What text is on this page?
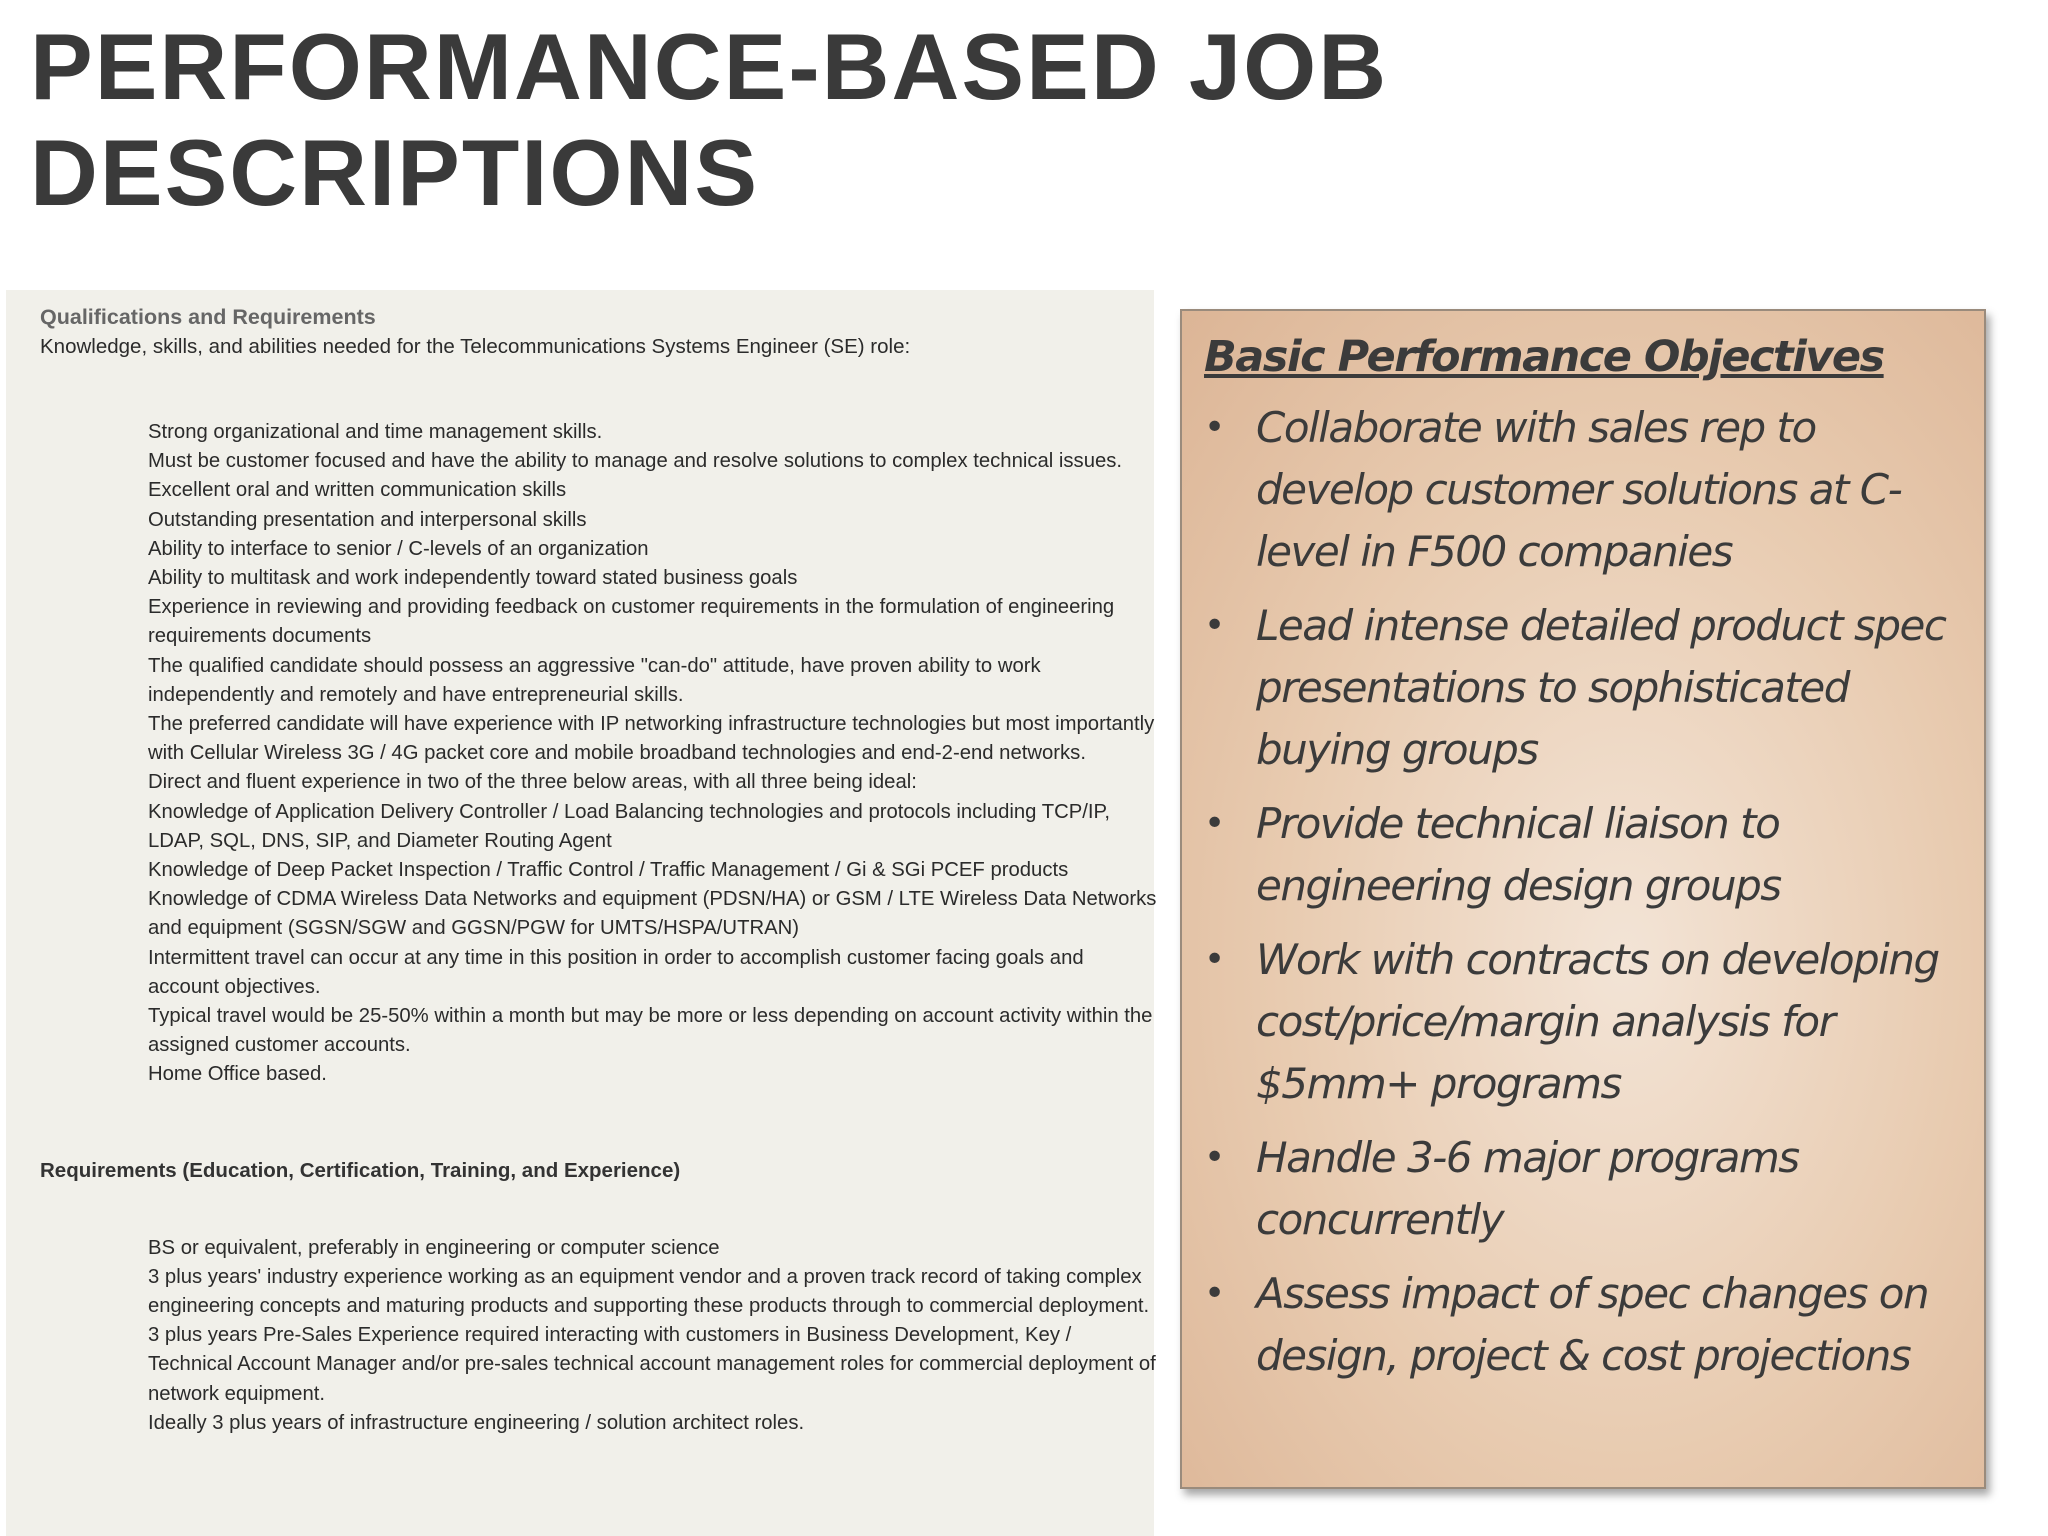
PERFORMANCE-BASED JOB
DESCRIPTIONS

Qualifications and Requirements

Knowledge, skills, and abilities needed for the Telecommunications Systems Engineer (SE) role:

Strong organizational and time management skills.
Must be customer focused and have the ability to manage and resolve solutions to complex technical issues.
Excellent oral and written communication skills
Outstanding presentation and interpersonal skills
Ability to interface to senior / C-levels of an organization
Ability to multitask and work independently toward stated business goals
Experience in reviewing and providing feedback on customer requirements in the formulation of engineering requirements documents
The qualified candidate should possess an aggressive "can-do" attitude, have proven ability to work independently and remotely and have entrepreneurial skills.
The preferred candidate will have experience with IP networking infrastructure technologies but most importantly with Cellular Wireless 3G / 4G packet core and mobile broadband technologies and end-2-end networks.
Direct and fluent experience in two of the three below areas, with all three being ideal:
Knowledge of Application Delivery Controller / Load Balancing technologies and protocols including TCP/IP, LDAP, SQL, DNS, SIP, and Diameter Routing Agent
Knowledge of Deep Packet Inspection / Traffic Control / Traffic Management / Gi & SGi PCEF products
Knowledge of CDMA Wireless Data Networks and equipment (PDSN/HA) or GSM / LTE Wireless Data Networks and equipment (SGSN/SGW and GGSN/PGW for UMTS/HSPA/UTRAN)
Intermittent travel can occur at any time in this position in order to accomplish customer facing goals and account objectives.
Typical travel would be 25-50% within a month but may be more or less depending on account activity within the assigned customer accounts.
Home Office based.

Requirements (Education, Certification, Training, and Experience)

BS or equivalent, preferably in engineering or computer science
3 plus years' industry experience working as an equipment vendor and a proven track record of taking complex engineering concepts and maturing products and supporting these products through to commercial deployment.
3 plus years Pre-Sales Experience required interacting with customers in Business Development, Key / Technical Account Manager and/or pre-sales technical account management roles for commercial deployment of network equipment.
Ideally 3 plus years of infrastructure engineering / solution architect roles.
Basic Performance Objectives
• Collaborate with sales rep to develop customer solutions at C-level in F500 companies
• Lead intense detailed product spec presentations to sophisticated buying groups
• Provide technical liaison to engineering design groups
• Work with contracts on developing cost/price/margin analysis for $5mm+ programs
• Handle 3-6 major programs concurrently
• Assess impact of spec changes on design, project & cost projections
